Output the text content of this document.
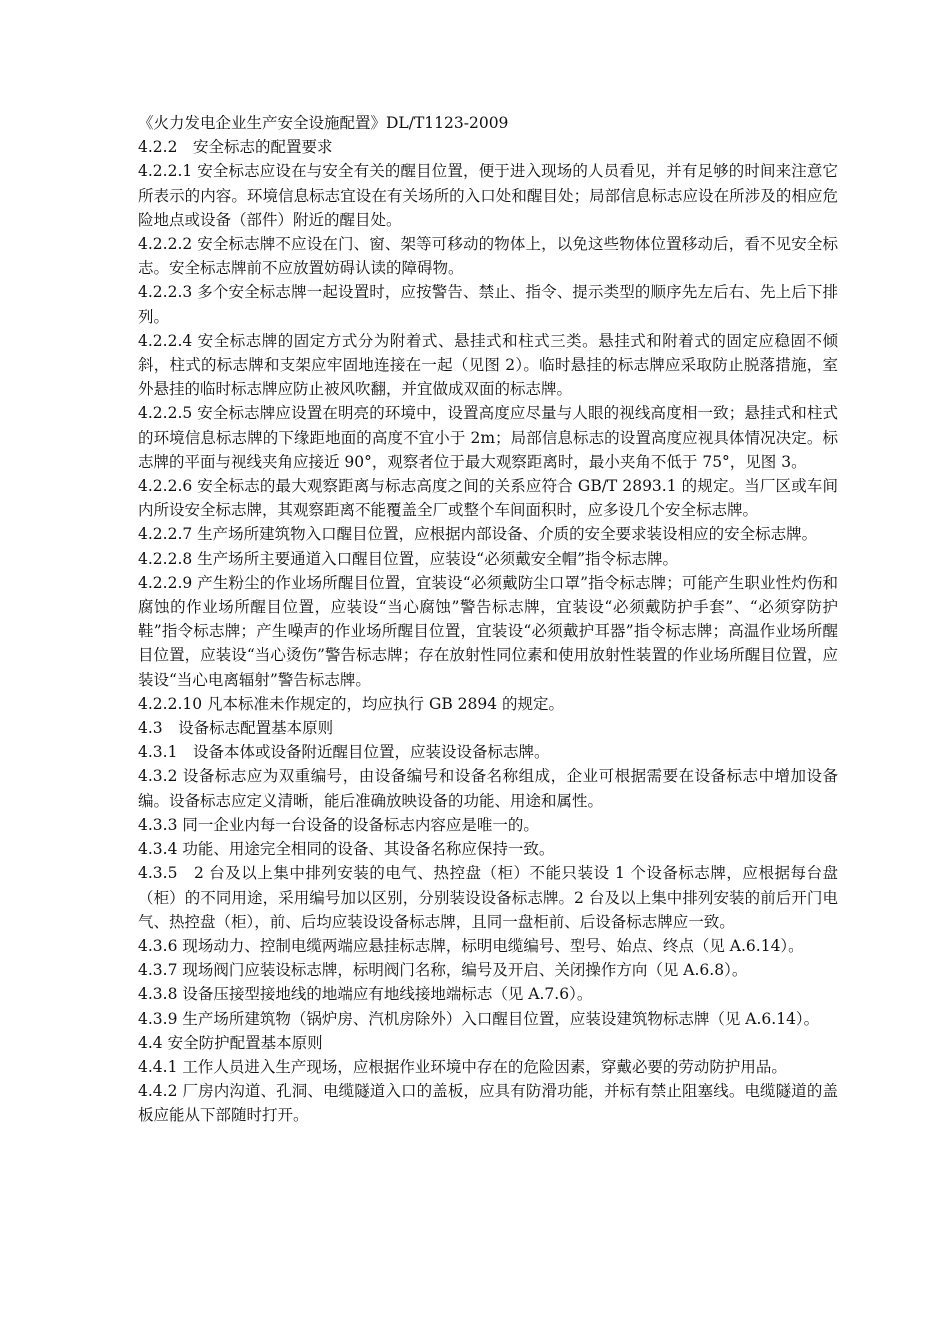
《火力发电企业生产安全设施配置》DL/T1123-2009

4.2.2　安全标志的配置要求

4.2.2.1 安全标志应设在与安全有关的醒目位置，便于进入现场的人员看见，并有足够的时间来注意它所表示的内容。环境信息标志宜设在有关场所的入口处和醒目处；局部信息标志应设在所涉及的相应危险地点或设备（部件）附近的醒目处。

4.2.2.2 安全标志牌不应设在门、窗、架等可移动的物体上，以免这些物体位置移动后，看不见安全标志。安全标志牌前不应放置妨碍认读的障碍物。

4.2.2.3 多个安全标志牌一起设置时，应按警告、禁止、指令、提示类型的顺序先左后右、先上后下排列。

4.2.2.4 安全标志牌的固定方式分为附着式、悬挂式和柱式三类。悬挂式和附着式的固定应稳固不倾斜，柱式的标志牌和支架应牢固地连接在一起（见图 2）。临时悬挂的标志牌应采取防止脱落措施，室外悬挂的临时标志牌应防止被风吹翻，并宜做成双面的标志牌。

4.2.2.5 安全标志牌应设置在明亮的环境中，设置高度应尽量与人眼的视线高度相一致；悬挂式和柱式的环境信息标志牌的下缘距地面的高度不宜小于 2m；局部信息标志的设置高度应视具体情况决定。标志牌的平面与视线夹角应接近 90°，观察者位于最大观察距离时，最小夹角不低于 75°，见图 3。

4.2.2.6 安全标志的最大观察距离与标志高度之间的关系应符合 GB/T 2893.1 的规定。当厂区或车间内所设安全标志牌，其观察距离不能覆盖全厂或整个车间面积时，应多设几个安全标志牌。

4.2.2.7 生产场所建筑物入口醒目位置，应根据内部设备、介质的安全要求装设相应的安全标志牌。

4.2.2.8 生产场所主要通道入口醒目位置，应装设“必须戴安全帽”指令标志牌。

4.2.2.9 产生粉尘的作业场所醒目位置，宜装设“必须戴防尘口罩”指令标志牌；可能产生职业性灼伤和腐蚀的作业场所醒目位置，应装设“当心腐蚀”警告标志牌，宜装设“必须戴防护手套”、“必须穿防护鞋”指令标志牌；产生噪声的作业场所醒目位置，宜装设“必须戴护耳器”指令标志牌；高温作业场所醒目位置，应装设“当心烫伤”警告标志牌；存在放射性同位素和使用放射性装置的作业场所醒目位置，应装设“当心电离辐射”警告标志牌。

4.2.2.10 凡本标准未作规定的，均应执行 GB 2894 的规定。

4.3　设备标志配置基本原则

4.3.1　设备本体或设备附近醒目位置，应装设设备标志牌。

4.3.2 设备标志应为双重编号，由设备编号和设备名称组成，企业可根据需要在设备标志中增加设备编。设备标志应定义清晰，能后准确放映设备的功能、用途和属性。

4.3.3 同一企业内每一台设备的设备标志内容应是唯一的。

4.3.4 功能、用途完全相同的设备、其设备名称应保持一致。

4.3.5　2 台及以上集中排列安装的电气、热控盘（柜）不能只装设 1 个设备标志牌，应根据每台盘（柜）的不同用途，采用编号加以区别，分别装设设备标志牌。2 台及以上集中排列安装的前后开门电气、热控盘（柜），前、后均应装设设备标志牌，且同一盘柜前、后设备标志牌应一致。

4.3.6 现场动力、控制电缆两端应悬挂标志牌，标明电缆编号、型号、始点、终点（见 A.6.14）。

4.3.7 现场阀门应装设标志牌，标明阀门名称，编号及开启、关闭操作方向（见 A.6.8）。

4.3.8 设备压接型接地线的地端应有地线接地端标志（见 A.7.6）。

4.3.9 生产场所建筑物（锅炉房、汽机房除外）入口醒目位置，应装设建筑物标志牌（见 A.6.14）。

4.4 安全防护配置基本原则

4.4.1 工作人员进入生产现场，应根据作业环境中存在的危险因素，穿戴必要的劳动防护用品。

4.4.2 厂房内沟道、孔洞、电缆隧道入口的盖板，应具有防滑功能，并标有禁止阻塞线。电缆隧道的盖板应能从下部随时打开。
